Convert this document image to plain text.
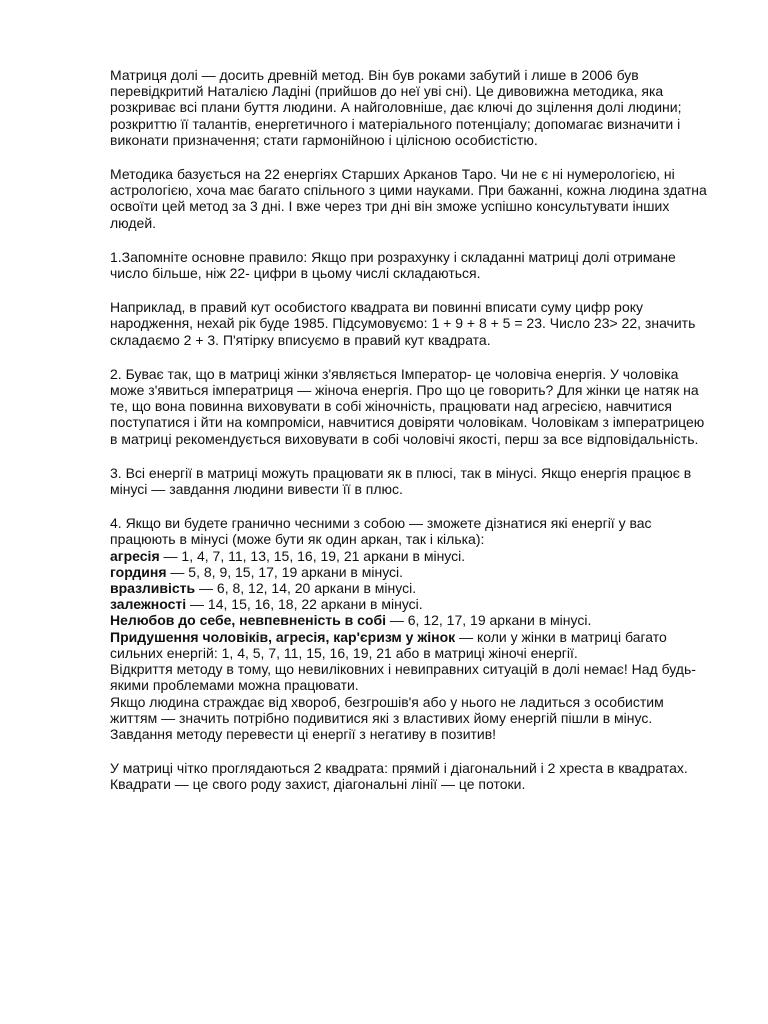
Матриця долі — досить древній метод. Він був роками забутий і лише в 2006 був перевідкритий Наталією Ладіні (прийшов до неї уві сні). Це дивовижна методика, яка розкриває всі плани буття людини. А найголовніше, дає ключі до зцілення долі людини; розкриттю її талантів, енергетичного і матеріального потенціалу; допомагає визначити і виконати призначення; стати гармонійною і цілісною особистістю.

Методика базується на 22 енергіях Старших Арканов Таро. Чи не є ні нумерологією, ні астрологією, хоча має багато спільного з цими науками. При бажанні, кожна людина здатна освоїти цей метод за 3 дні. І вже через три дні він зможе успішно консультувати інших людей.

1.Запомніте основне правило: Якщо при розрахунку і складанні матриці долі отримане число більше, ніж 22- цифри в цьому числі складаються.

Наприклад, в правий кут особистого квадрата ви повинні вписати суму цифр року народження, нехай рік буде 1985. Підсумовуємо: 1 + 9 + 8 + 5 = 23. Число 23> 22, значить складаємо 2 + 3. П'ятірку вписуємо в правий кут квадрата.

2. Буває так, що в матриці жінки з'являється Імператор- це чоловіча енергія. У чоловіка може з'явиться імператриця — жіноча енергія. Про що це говорить? Для жінки це натяк на те, що вона повинна виховувати в собі жіночність, працювати над агресією, навчитися поступатися і йти на компроміси, навчитися довіряти чоловікам. Чоловікам з імператрицею в матриці рекомендується виховувати в собі чоловічі якості, перш за все відповідальність.

3. Всі енергії в матриці можуть працювати як в плюсі, так в мінусі. Якщо енергія працює в мінусі — завдання людини вивести її в плюс.

4. Якщо ви будете гранично чесними з собою — зможете дізнатися які енергії у вас працюють в мінусі (може бути як один аркан, так і кілька):
агресія — 1, 4, 7, 11, 13, 15, 16, 19, 21 аркани в мінусі.
гординя — 5, 8, 9, 15, 17, 19 аркани в мінусі.
вразливість — 6, 8, 12, 14, 20 аркани в мінусі.
залежності — 14, 15, 16, 18, 22 аркани в мінусі.
Нелюбов до себе, невпевненість в собі — 6, 12, 17, 19 аркани в мінусі.
Придушення чоловіків, агресія, кар'єризм у жінок — коли у жінки в матриці багато сильних енергій: 1, 4, 5, 7, 11, 15, 16, 19, 21 або в матриці жіночі енергії.
Відкриття методу в тому, що невиліковних і невиправних ситуацій в долі немає! Над будь-якими проблемами можна працювати.
Якщо людина страждає від хвороб, безгрошів'я або у нього не ладиться з особистим життям — значить потрібно подивитися які з властивих йому енергій пішли в мінус. Завдання методу перевести ці енергії з негативу в позитив!
У матриці чітко проглядаються 2 квадрата: прямий і діагональний і 2 хреста в квадратах.
Квадрати — це свого роду захист, діагональні лінії — це потоки.
